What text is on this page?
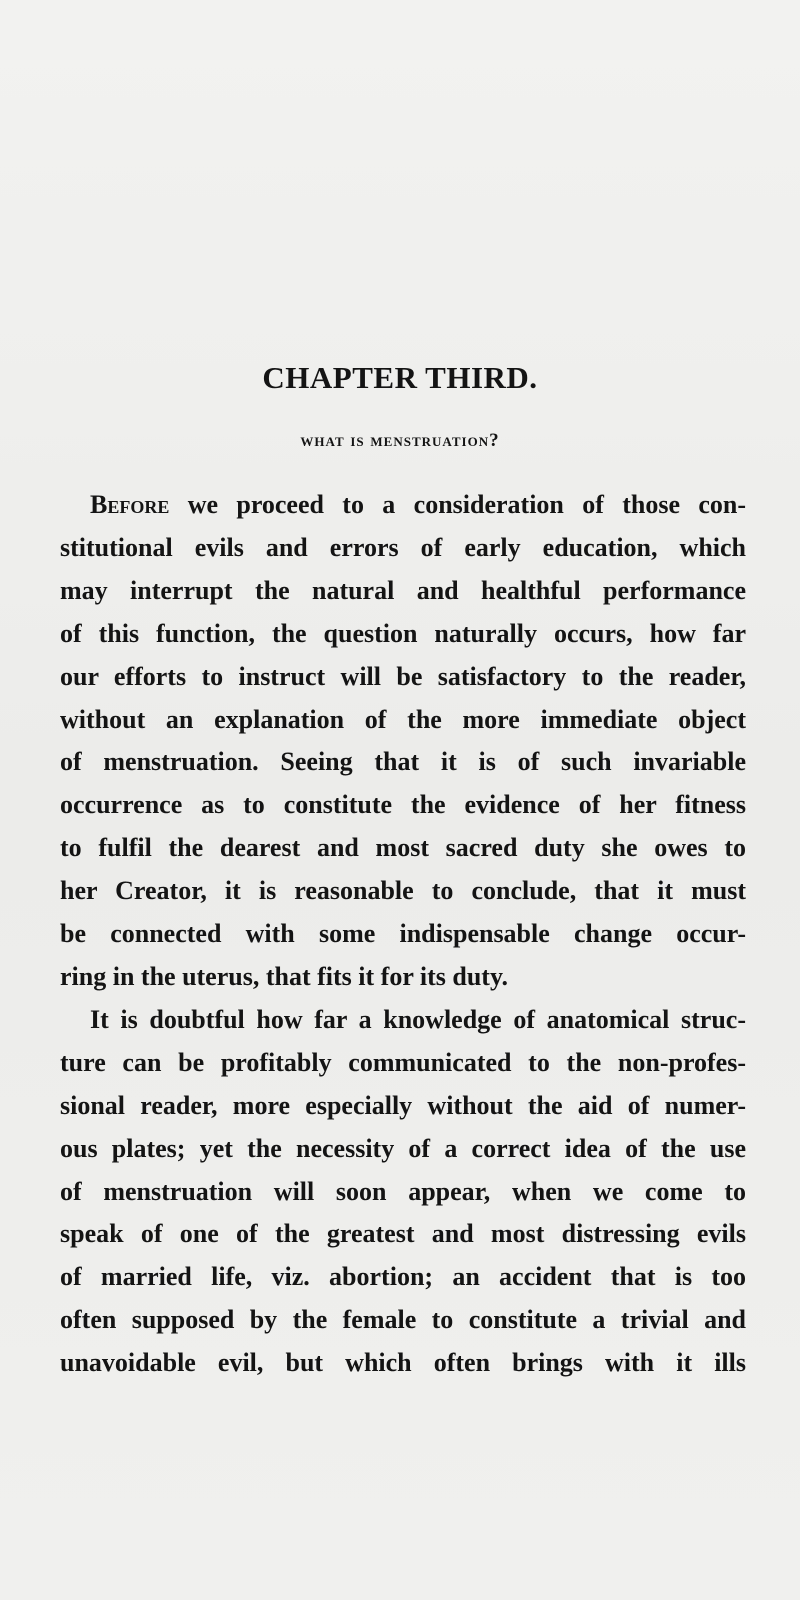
CHAPTER THIRD.
what is menstruation?

Before we proceed to a consideration of those con-
stitutional evils and errors of early education, which
may interrupt the natural and healthful performance
of this function, the question naturally occurs, how far
our efforts to instruct will be satisfactory to the reader,
without an explanation of the more immediate object
of menstruation. Seeing that it is of such invariable
occurrence as to constitute the evidence of her fitness
to fulfil the dearest and most sacred duty she owes to
her Creator, it is reasonable to conclude, that it must
be connected with some indispensable change occur-
ring in the uterus, that fits it for its duty.

It is doubtful how far a knowledge of anatomical struc-
ture can be profitably communicated to the non-profes-
sional reader, more especially without the aid of numer-
ous plates; yet the necessity of a correct idea of the use
of menstruation will soon appear, when we come to
speak of one of the greatest and most distressing evils
of married life, viz. abortion; an accident that is too
often supposed by the female to constitute a trivial and
unavoidable evil, but which often brings with it ills
